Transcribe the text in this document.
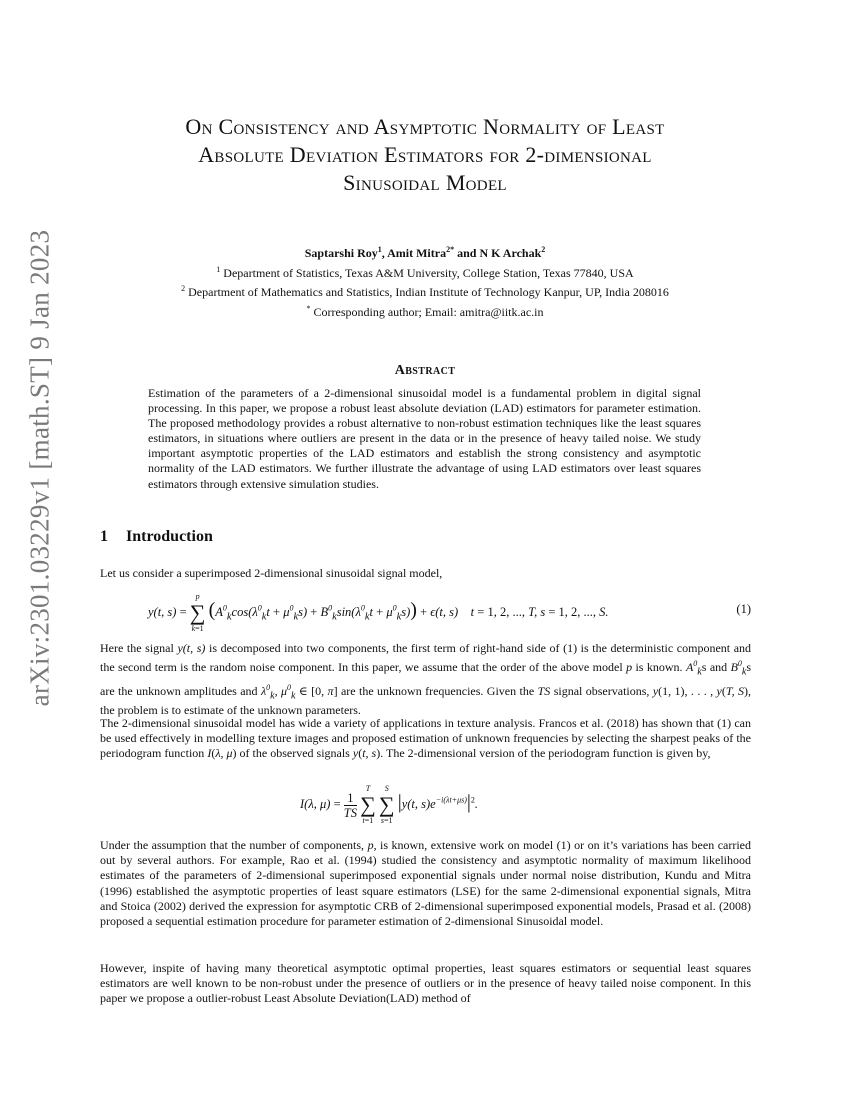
arXiv:2301.03229v1 [math.ST] 9 Jan 2023
On Consistency and Asymptotic Normality of Least
Absolute Deviation Estimators for 2-dimensional
Sinusoidal Model
Saptarshi Roy$^1$, Amit Mitra$^{2*}$ and N K Archak$^2$
$^1$ Department of Statistics, Texas A&M University, College Station, Texas 77840, USA
$^2$ Department of Mathematics and Statistics, Indian Institute of Technology Kanpur, UP, India 208016
* Corresponding author; Email: amitra@iitk.ac.in
Abstract
Estimation of the parameters of a 2-dimensional sinusoidal model is a fundamental problem in digital signal processing. In this paper, we propose a robust least absolute deviation (LAD) estimators for parameter estimation. The proposed methodology provides a robust alternative to non-robust estimation techniques like the least squares estimators, in situations where outliers are present in the data or in the presence of heavy tailed noise. We study important asymptotic properties of the LAD estimators and establish the strong consistency and asymptotic normality of the LAD estimators. We further illustrate the advantage of using LAD estimators over least squares estimators through extensive simulation studies.
1 Introduction
Let us consider a superimposed 2-dimensional sinusoidal signal model,
y(t, s) =
p
∑
k=1
$(A^0_k\cos(\lambda^0_kt + \mu^0_ks) + B^0_k\sin(\lambda^0_kt + \mu^0_ks)) + \epsilon(t$, s)    t = 1, 2, ..., T, s = 1, 2, ..., S.	(1)
Here the signal y(t, s) is decomposed into two components, the first term of right-hand side of (1) is the deterministic component and the second term is the random noise component. In this paper, we assume that the order of the above model p is known. $A^0_ks$ and $B^0_ks$ are the unknown amplitudes and $\lambda^0_k$, $\mu^0_k$ ∈ [0, π] are the unknown frequencies. Given the TS signal observations, y(1, 1), . . . , y(T, S), the problem is to estimate of the unknown parameters.
The 2-dimensional sinusoidal model has wide a variety of applications in texture analysis. Francos et al. (2018) has shown that (1) can be used effectively in modelling texture images and proposed estimation of unknown frequencies by selecting the sharpest peaks of the periodogram function I(λ, μ) of the observed signals y(t, s). The 2-dimensional version of the periodogram function is given by,
I(λ, $\mu) = \frac{1}{TS}$

T
∑
t=1

S
∑
s=1
|y(t, $s)e^{-i(\lambda t+\mu s)}|^2$.
Under the assumption that the number of components, p, is known, extensive work on model (1) or on it’s variations has been carried out by several authors. For example, Rao et al. (1994) studied the consistency and asymptotic normality of maximum likelihood estimates of the parameters of 2-dimensional superimposed exponential signals under normal noise distribution, Kundu and Mitra (1996) established the asymptotic properties of least square estimators (LSE) for the same 2-dimensional exponential signals, Mitra and Stoica (2002) derived the expression for asymptotic CRB of 2-dimensional superimposed exponential models, Prasad et al. (2008) proposed a sequential estimation procedure for parameter estimation of 2-dimensional Sinusoidal model.
However, inspite of having many theoretical asymptotic optimal properties, least squares estimators or sequential least squares estimators are well known to be non-robust under the presence of outliers or in the presence of heavy tailed noise component. In this paper we propose a outlier-robust Least Absolute Deviation(LAD) method of
